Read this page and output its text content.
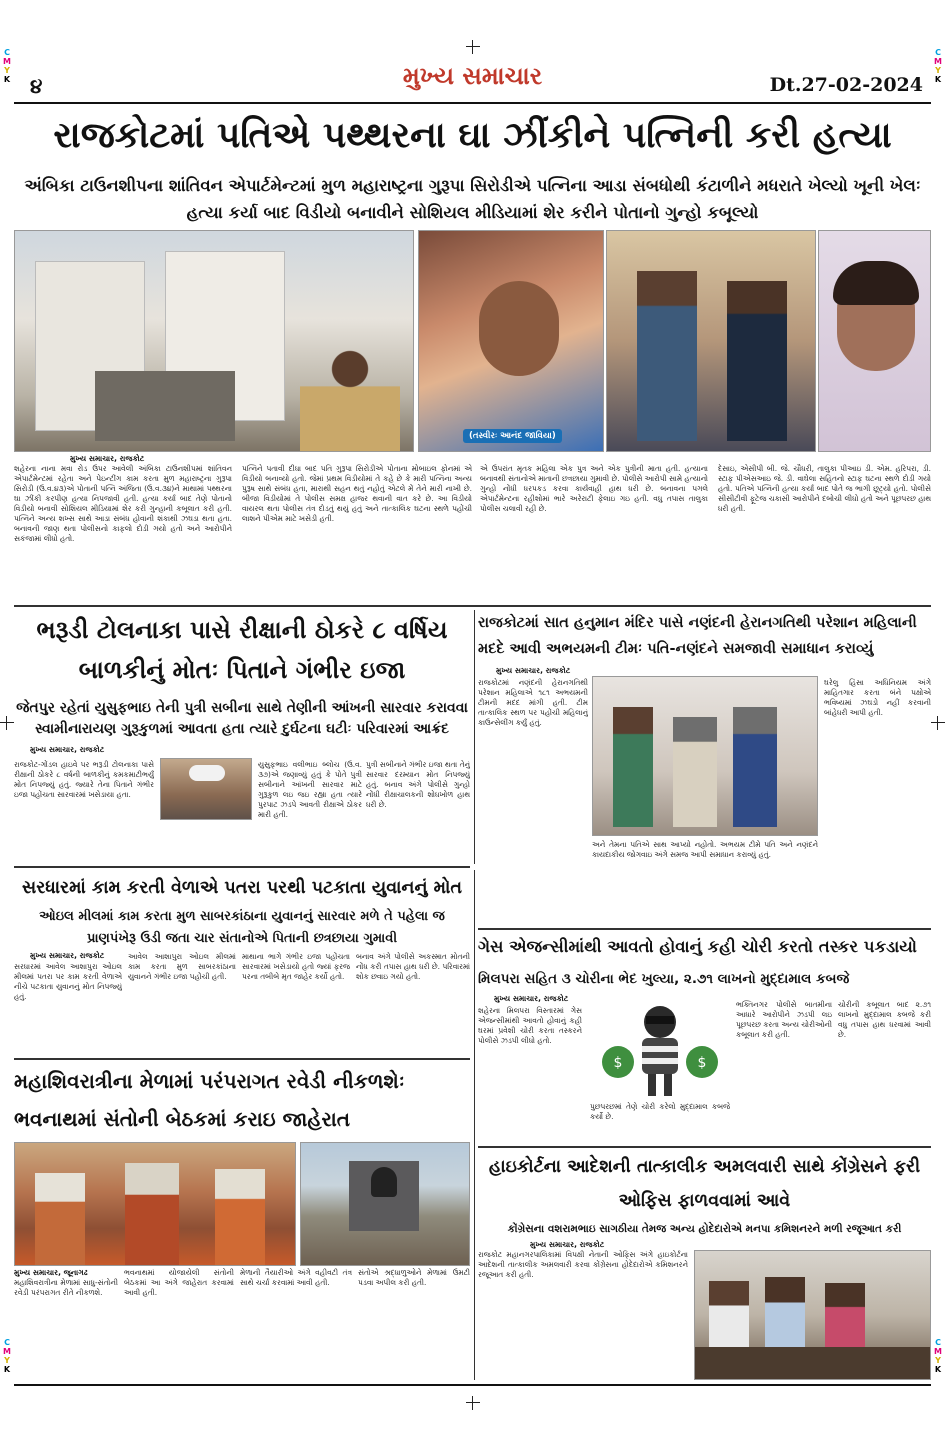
C
M
Y
K
C
M
Y
K
C
M
Y
K
C
M
Y
K
૪	મુખ્ય સમાચાર	Dt.27-02-2024
રાજકોટમાં પતિએ પથ્થરના ઘા ઝીંકીને પત્નિની કરી હત્યા
અંબિકા ટાઉનશીપના શાંતિવન એપાર્ટમેન્ટમાં મુળ મહારાષ્ટ્રના ગુરૂપા સિરોડીએ પત્નિના આડા સંબધોથી કંટાળીને મધરાતે ખેલ્યો ખૂની ખેલઃ હત્યા કર્યા બાદ વિડીયો બનાવીને સોશિયલ મીડિયામાં શેર કરીને પોતાનો ગુન્હો કબૂલ્યો
(તસ્વીરઃ આનંદ જાવિયા)
મુખ્ય સમાચાર, રાજકોટ
શહેરના નાના મવા રોડ ઉપર આવેલી અંબિકા ટાઉનશીપમાં શાંતિવન એપાર્ટમેન્ટમાં રહેતા અને પેઇન્ટીંગ કામ કરતા મુળ મહારાષ્ટ્રના ગુરૂપા સિરોડી (ઉ.વ.૪૩)એ પોતાની પત્નિ અંજિતા (ઉ.વ.૩૪)ને માથામાં પથ્થરના ઘા ઝીંકી કરપીણ હત્યા નિપજાવી હતી. હત્યા કર્યા બાદ તેણે પોતાનો વિડીયો બનાવી સોશિયલ મીડિયામાં શેર કરી ગુન્હાની કબૂલાત કરી હતી. પત્નિને અન્ય શખ્સ સાથે આડા સંબંધ હોવાની શંકાથી ઝઘડા થતા હતા. બનાવની જાણ થતા પોલીસનો કાફલો દોડી ગયો હતો અને આરોપીને સકંજામાં લીધો હતો.
પત્નિને પતાવી દીધા બાદ પતિ ગુરૂપા સિરોડીએ પોતાના મોબાઇલ ફોનમાં એ વિડીયો બનાવ્યો હતો. જેમાં પ્રથમ વિડીયોમાં તે કહે છે કે મારી પત્નિના અન્ય પુરૂષ સાથે સંબંધ હતા, મારાથી સહન થતું નહોતું એટલે મેં તેને મારી નાખી છે. બીજા વિડીયોમાં તે પોલીસ સમક્ષ હાજર થવાની વાત કરે છે. આ વિડીયો વાયરલ થતા પોલીસ તંત્ર દોડતું થયું હતું અને તાત્કાલિક ઘટના સ્થળે પહોંચી લાશને પીએમ માટે ખસેડી હતી.
એ ઉપરાંત મૃતક મહિલા એક પુત્ર અને એક પુત્રીની માતા હતી. હત્યાના બનાવથી સંતાનોએ માતાની છત્રછાયા ગુમાવી છે. પોલીસે આરોપી સામે હત્યાનો ગુન્હો નોંધી ધરપકડ કરવા કાર્યવાહી હાથ ધરી છે. બનાવના પગલે એપાર્ટમેન્ટના રહીશોમાં ભારે અરેરાટી ફેલાઇ ગઇ હતી. વધુ તપાસ તાલુકા પોલીસ ચલાવી રહી છે.
દેસાઇ, એસીપી બી. જે. ચૌધરી, તાલુકા પીઆઇ ડી. એમ. હરિપરા, ડી. સ્ટાફ પીએસઆઇ જે. ડી. વાઘેલા સહિતનો સ્ટાફ ઘટના સ્થળે દોડી ગયો હતો. પતિએ પત્નિની હત્યા કર્યા બાદ પોતે જ ભાગી છૂટ્યો હતો. પોલીસે સીસીટીવી ફૂટેજ ચકાસી આરોપીને દબોચી લીધો હતો અને પૂછપરછ હાથ ધરી હતી.
ભરૂડી ટોલનાકા પાસે રીક્ષાની ઠોકરે ૮ વર્ષિય બાળકીનું મોતઃ પિતાને ગંભીર ઇજા
જેતપુર રહેતાં યુસુફભાઇ તેની પુત્રી સબીના સાથે તેણીની આંખની સારવાર કરાવવા સ્વામીનારાયણ ગુરૂકુળમાં આવતા હતા ત્યારે દુર્ઘટના ઘટીઃ પરિવારમાં આક્રંદ
મુખ્ય સમાચાર, રાજકોટ
રાજકોટ-ગોંડલ હાઇવે પર ભરૂડી ટોલનાકા પાસે રીક્ષાની ઠોકરે ૮ વર્ષની બાળકીનું કમકમાટીભર્યું મોત નિપજ્યું હતું. જ્યારે તેના પિતાને ગંભીર ઇજા પહોંચતા સારવારમાં ખસેડાયા હતા.
યુસુફભાઇ વલીભાઇ બ્લોચ (ઉ.વ. ૩૭)એ જણાવ્યું હતું કે પોતે પુત્રી સબીનાને આંખની સારવાર માટે ગુરૂકુળ લઇ જઇ રહ્યા હતા ત્યારે પુરપાટ ઝડપે આવતી રીક્ષાએ ઠોકર મારી હતી.
પુત્રી સબીનાને ગંભીર ઇજા થતા તેનું સારવાર દરમ્યાન મોત નિપજ્યું હતું. બનાવ અંગે પોલીસે ગુન્હો નોંધી રીક્ષાચાલકની શોધખોળ હાથ ધરી છે.
રાજકોટમાં સાત હનુમાન મંદિર પાસે નણંદની હેરાનગતિથી પરેશાન મહિલાની મદદે આવી અભયમની ટીમઃ પતિ-નણંદને સમજાવી સમાધાન કરાવ્યું
મુખ્ય સમાચાર, રાજકોટ
રાજકોટમાં નણંદની હેરાનગતિથી પરેશાન મહિલાએ ૧૮૧ અભયમની ટીમની મદદ માંગી હતી. ટીમ તાત્કાલિક સ્થળ પર પહોંચી મહિલાનું કાઉન્સેલીંગ કર્યું હતું.
અને તેમના પતિએ સાથ આપ્યો નહોતો. અભયમ ટીમે પતિ અને નણંદને કાયદાકીય જોગવાઇ અંગે સમજ આપી સમાધાન કરાવ્યું હતું.
ઘરેલુ હિંસા અધિનિયમ અંગે માહિતગાર કરતા બંને પક્ષોએ ભવિષ્યમાં ઝઘડો નહીં કરવાની બાંહેધરી આપી હતી.
સરધારમાં કામ કરતી વેળાએ પતરા પરથી પટકાતા યુવાનનું મોત
ઓઇલ મીલમાં કામ કરતા મુળ સાબરકાંઠાના યુવાનનું સારવાર મળે તે પહેલા જ પ્રાણપંખેરૂ ઉડી જતા ચાર સંતાનોએ પિતાની છત્રછાયા ગુમાવી
મુખ્ય સમાચાર, રાજકોટ
સરધારમાં આવેલ આશાપુરા ઓઇલ મીલમાં પતરા પર કામ કરતી વેળાએ નીચે પટકાતા યુવાનનું મોત નિપજ્યું હતું.
આવેલ આશાપુરા ઓઇલ મીલમાં કામ કરતા મુળ સાબરકાંઠાના યુવાનને ગંભીર ઇજા પહોંચી હતી.
માથાના ભાગે ગંભીર ઇજા પહોંચતા સારવારમાં ખસેડાયો હતો જ્યાં ફરજ પરના તબીબે મૃત જાહેર કર્યો હતો.
બનાવ અંગે પોલીસે અકસ્માત મોતની નોંધ કરી તપાસ હાથ ધરી છે. પરિવારમાં શોક છવાઇ ગયો હતો.
ગેસ એજન્સીમાંથી આવતો હોવાનું કહી ચોરી કરતો તસ્કર પકડાયો
મિલપરા સહિત ૩ ચોરીના ભેદ ખુલ્યા, ૨.૭૧ લાખનો મુદ્દામાલ કબજે
મુખ્ય સમાચાર, રાજકોટ
શહેરના મિલપરા વિસ્તારમાં ગેસ એજન્સીમાંથી આવતો હોવાનું કહી ઘરમાં પ્રવેશી ચોરી કરતા તસ્કરને પોલીસે ઝડપી લીધો હતો.
$	$
પુછપરછમાં તેણે ચોરી કરેલો મુદ્દામાલ કબજે કર્યો છે.
ભક્તિનગર પોલીસે બાતમીના આધારે આરોપીને ઝડપી લઇ પૂછપરછ કરતા અન્ય ચોરીઓની કબૂલાત કરી હતી.
ચોરીની કબૂલાત બાદ ૨.૭૧ લાખનો મુદ્દામાલ કબજે કરી વધુ તપાસ હાથ ધરવામાં આવી છે.
મહાશિવરાત્રીના મેળામાં પરંપરાગત રવેડી નીકળશેઃ ભવનાથમાં સંતોની બેઠકમાં કરાઇ જાહેરાત
મુખ્ય સમાચાર, જૂનાગઢ
મહાશિવરાત્રીના મેળામાં સાધુ-સંતોની રવેડી પરંપરાગત રીતે નીકળશે.
ભવનાથમાં યોજાયેલી સંતોની બેઠકમાં આ અંગે જાહેરાત કરવામાં આવી હતી.
મેળાની તૈયારીઓ અંગે વહીવટી તંત્ર સાથે ચર્ચા કરવામાં આવી હતી.
સંતોએ શ્રદ્ધાળુઓને મેળામાં ઉમટી પડવા અપીલ કરી હતી.
હાઇકોર્ટના આદેશની તાત્કાલીક અમલવારી સાથે કોંગ્રેસને ફરી ઓફિસ ફાળવવામાં આવે
કોંગ્રેસના વશરામભાઇ સાગઠીયા તેમજ અન્ય હોદેદારોએ મનપા કમિશનરને મળી રજૂઆત કરી
મુખ્ય સમાચાર, રાજકોટ
રાજકોટ મહાનગરપાલિકામાં વિપક્ષી નેતાની ઓફિસ અંગે હાઇકોર્ટના આદેશની તાત્કાલીક અમલવારી કરવા કોંગ્રેસના હોદેદારોએ કમિશનરને રજૂઆત કરી હતી.
